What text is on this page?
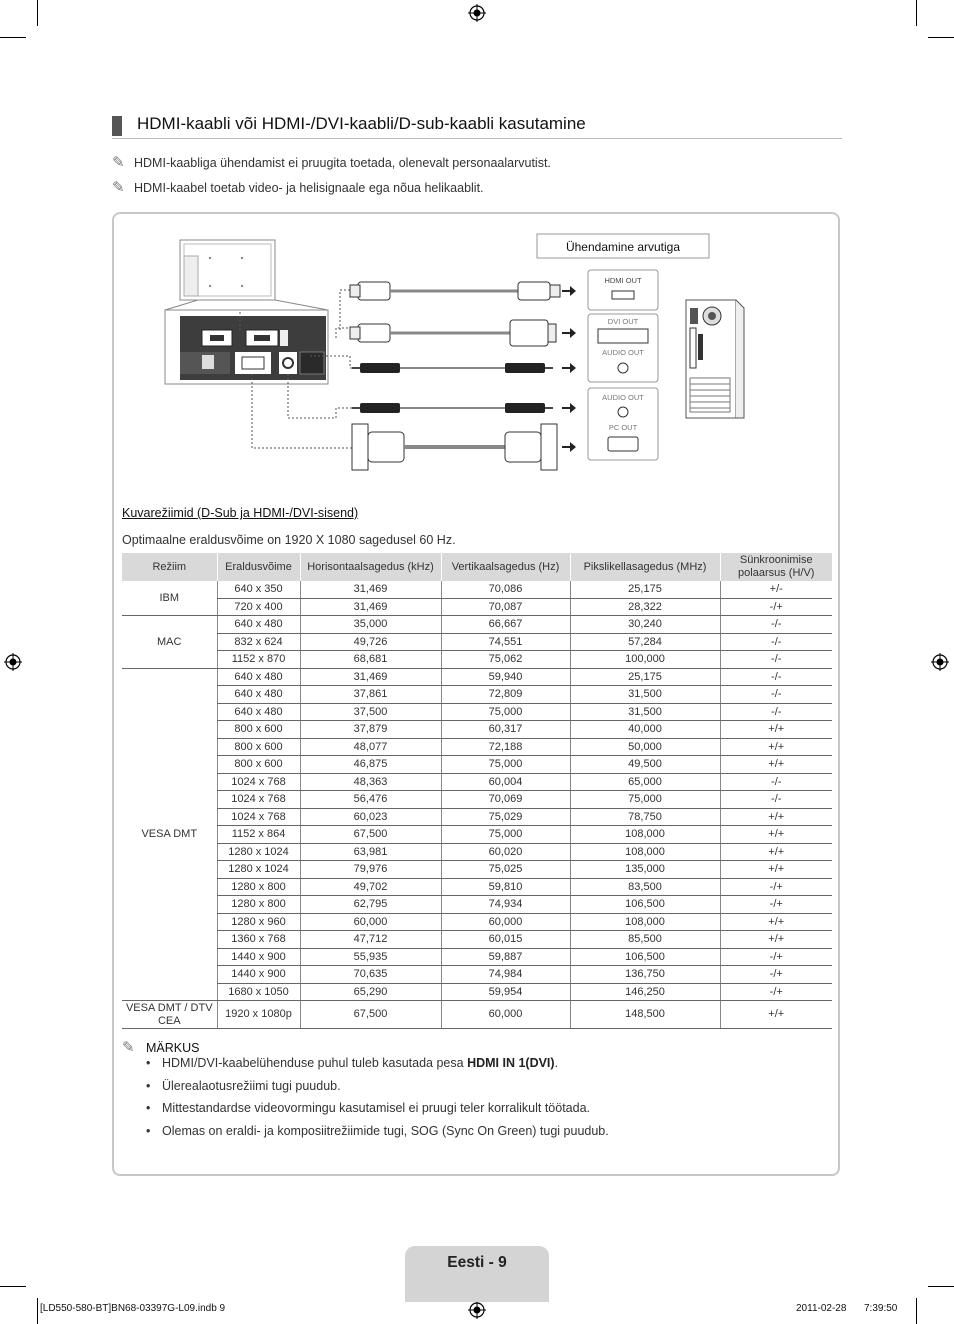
HDMI-kaabli või HDMI-/DVI-kaabli/D-sub-kaabli kasutamine
✎ HDMI-kaabliga ühendamist ei pruugita toetada, olenevalt personaalarvutist.
✎ HDMI-kaabel toetab video- ja helisignaale ega nõua helikaablit.
Ühendamine arvutiga
HDMI OUT
DVI OUT
AUDIO OUT
AUDIO OUT
PC OUT
Kuvarežiimid (D-Sub ja HDMI-/DVI-sisend)
Optimaalne eraldusvõime on 1920 X 1080 sagedusel 60 Hz.
Režiim	Eraldusvõime	Horisontaalsagedus (kHz)	Vertikaalsagedus (Hz)	Pikslikellasagedus (MHz)	Sünkroonimise polaarsus (H/V)
IBM	640 x 350	31,469	70,086	25,175	+/-
	720 x 400	31,469	70,087	28,322	-/+
MAC	640 x 480	35,000	66,667	30,240	-/-
	832 x 624	49,726	74,551	57,284	-/-
	1152 x 870	68,681	75,062	100,000	-/-
VESA DMT	640 x 480	31,469	59,940	25,175	-/-
	640 x 480	37,861	72,809	31,500	-/-
	640 x 480	37,500	75,000	31,500	-/-
	800 x 600	37,879	60,317	40,000	+/+
	800 x 600	48,077	72,188	50,000	+/+
	800 x 600	46,875	75,000	49,500	+/+
	1024 x 768	48,363	60,004	65,000	-/-
	1024 x 768	56,476	70,069	75,000	-/-
	1024 x 768	60,023	75,029	78,750	+/+
	1152 x 864	67,500	75,000	108,000	+/+
	1280 x 1024	63,981	60,020	108,000	+/+
	1280 x 1024	79,976	75,025	135,000	+/+
	1280 x 800	49,702	59,810	83,500	-/+
	1280 x 800	62,795	74,934	106,500	-/+
	1280 x 960	60,000	60,000	108,000	+/+
	1360 x 768	47,712	60,015	85,500	+/+
	1440 x 900	55,935	59,887	106,500	-/+
	1440 x 900	70,635	74,984	136,750	-/+
	1680 x 1050	65,290	59,954	146,250	-/+
VESA DMT / DTV CEA	1920 x 1080p	67,500	60,000	148,500	+/+
✎ MÄRKUS
• HDMI/DVI-kaabelühenduse puhul tuleb kasutada pesa HDMI IN 1(DVI).
• Ülerealaotusrežiimi tugi puudub.
• Mittestandardse videovormingu kasutamisel ei pruugi teler korralikult töötada.
• Olemas on eraldi- ja komposiitrežiimide tugi, SOG (Sync On Green) tugi puudub.
Eesti - 9
[LD550-580-BT]BN68-03397G-L09.indb 9	2011-02-28 7:39:50
